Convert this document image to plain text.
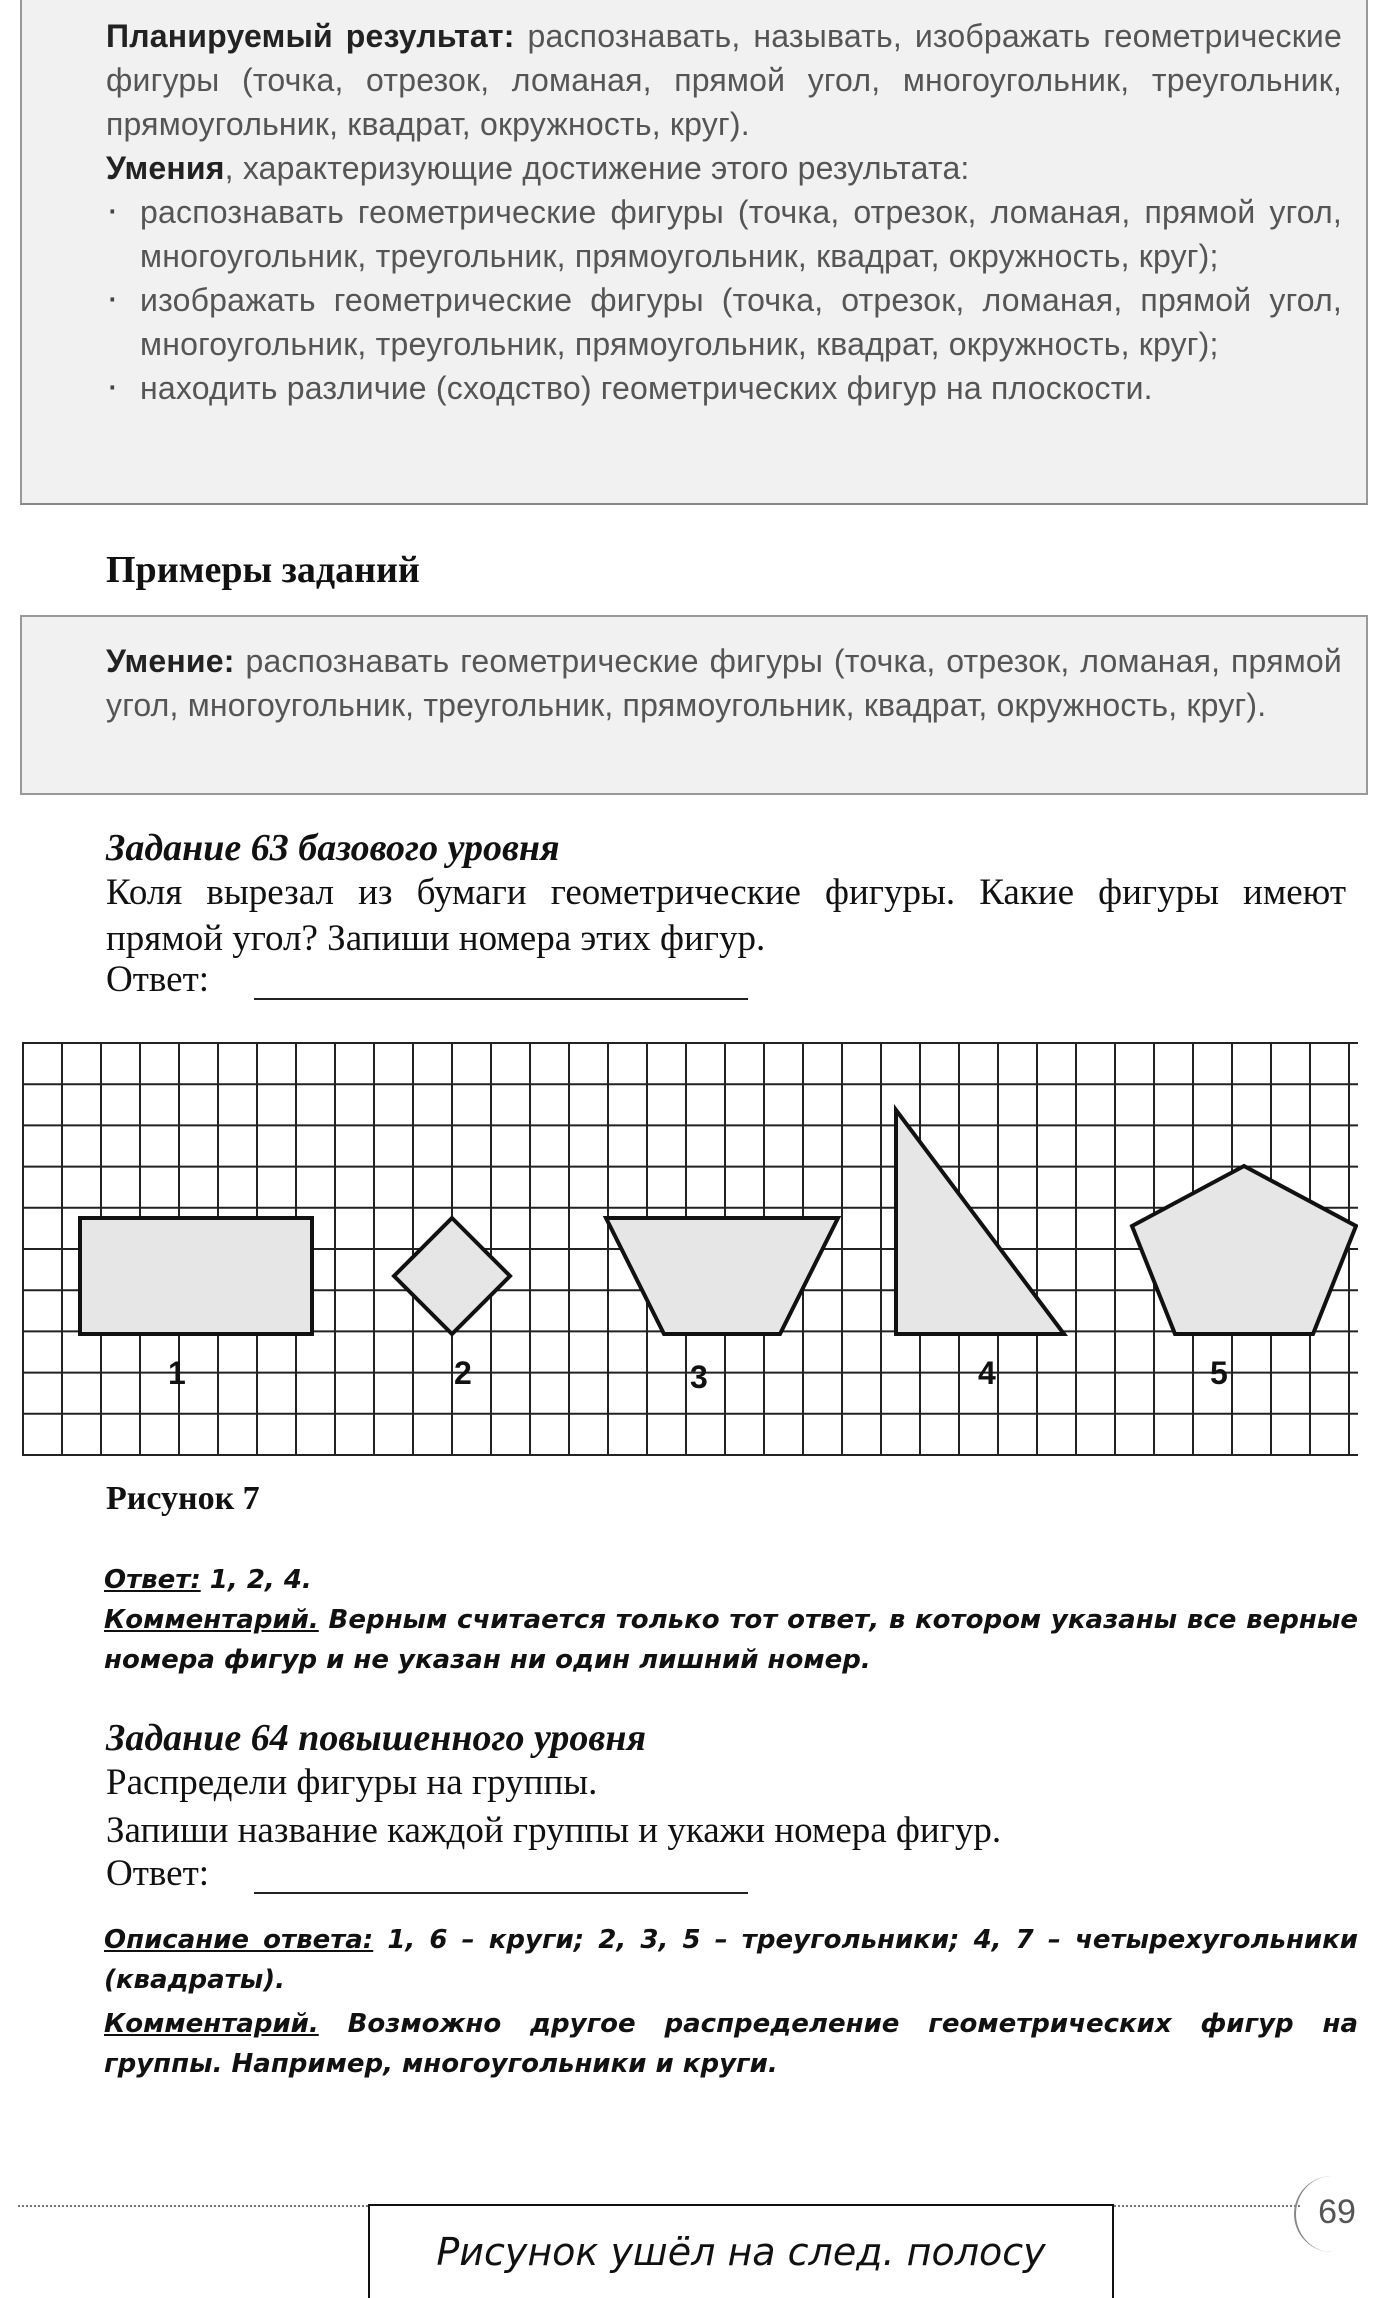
Планируемый результат: распознавать, называть, изображать геометрические фигуры (точка, отрезок, ломаная, прямой угол, многоугольник, треугольник, прямоугольник, квадрат, окружность, круг).
Умения, характеризующие достижение этого результата:
· распознавать геометрические фигуры (точка, отрезок, ломаная, прямой угол, многоугольник, треугольник, прямоугольник, квадрат, окружность, круг);
· изображать геометрические фигуры (точка, отрезок, ломаная, прямой угол, многоугольник, треугольник, прямоугольник, квадрат, окружность, круг);
· находить различие (сходство) геометрических фигур на плоскости.
Примеры заданий
Умение: распознавать геометрические фигуры (точка, отрезок, ломаная, прямой угол, многоугольник, треугольник, прямоугольник, квадрат, окружность, круг).
Задание 63 базового уровня
Коля вырезал из бумаги геометрические фигуры. Какие фигуры имеют прямой угол? Запиши номера этих фигур.
Ответ:
1	2	3	4	5
Рисунок 7
Ответ: 1, 2, 4.
Комментарий. Верным считается только тот ответ, в котором указаны все верные номера фигур и не указан ни один лишний номер.
Задание 64 повышенного уровня
Распредели фигуры на группы.
Запиши название каждой группы и укажи номера фигур.
Ответ:
Описание ответа: 1, 6 – круги; 2, 3, 5 – треугольники; 4, 7 – четырехугольники (квадраты).
Комментарий. Возможно другое распределение геометрических фигур на группы. Например, многоугольники и круги.
69
Рисунок ушёл на след. полосу
